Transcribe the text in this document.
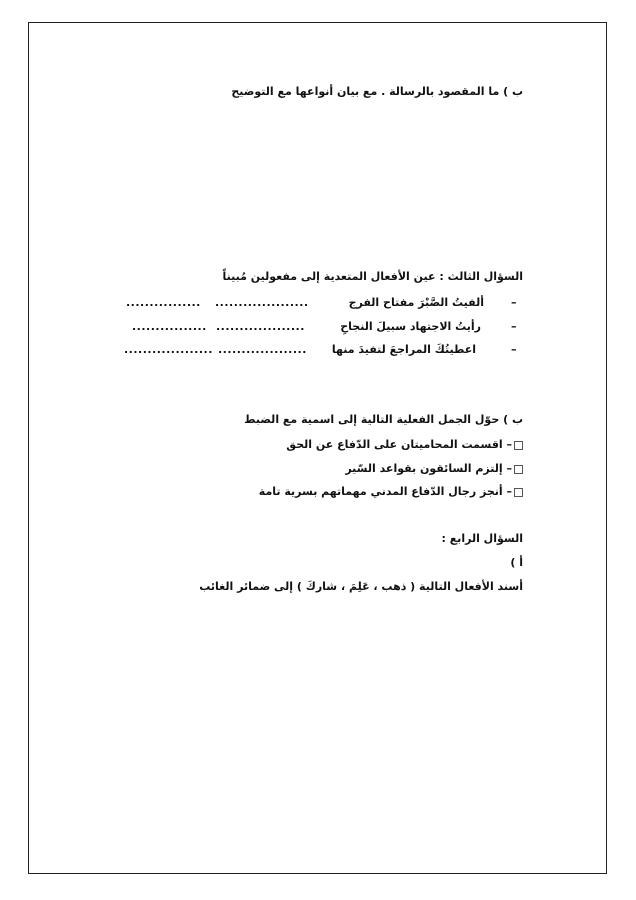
ب ) ما المقصود بالرسالة . مع بيان أنواعها مع التوضيح
السؤال الثالث : عين الأفعال المتعدية إلى مفعولين مُبيناً
–
ألفيتُ الصَّبْرَ مفتاح الفرج
....................
................
–
رأيتُ الاجتهاد سبيلَ النجاحِ
...................
................
–
اعطيتُكَ المراجعَ لتفيدَ منها
...................
...................
ب ) حوّل الجمل الفعلية التالية إلى اسمية مع الضبط
– اقسمت المحاميتان على الدّفاع عن الحق
– إلتزم السائقون بقواعد السّير
– أنجز رجال الدّفاع المدني مهماتهم بسرية تامة
السؤال الرابع :
أ )
أسند الأفعال التالية ( ذهب ، عَلِمَ ، شاركَ ) إلى ضمائر الغائب
